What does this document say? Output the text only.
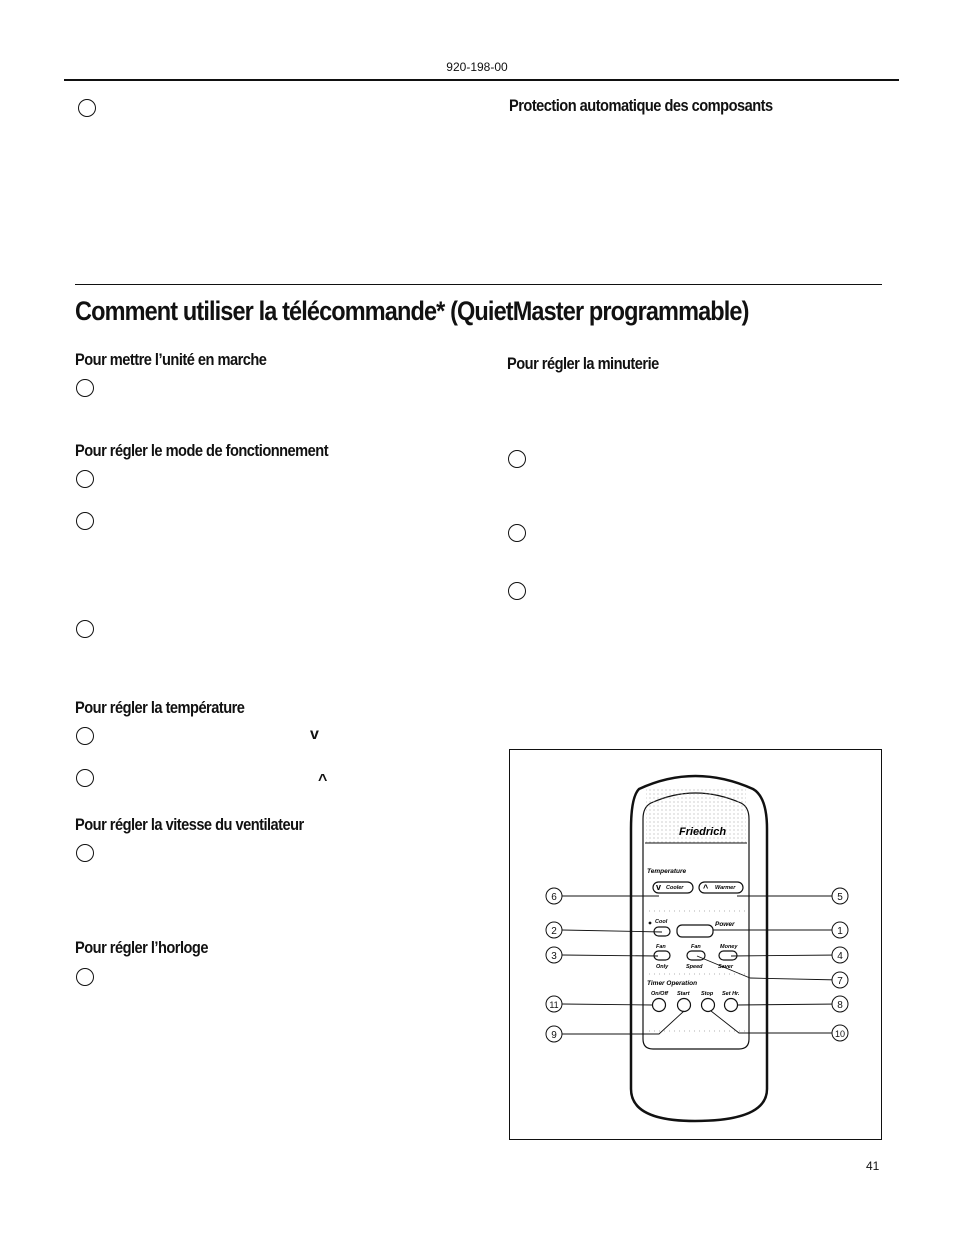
920-198-00
Protection automatique des composants
Comment utiliser la télécommande* (QuietMaster programmable)
Pour mettre l’unité en marche
Pour régler le mode de fonctionnement
Pour régler la température
v
^
Pour régler la vitesse du ventilateur
Pour régler l’horloge
Pour régler la minuterie
Friedrich
Temperature
v Cooler ^ Warmer
Cool	Power
Fan	Fan	Money
Only	Speed	Saver
Timer Operation
On/Off Start Stop Set Hr.
6	5
2	1
3	4
7
8
11
9	10
41
